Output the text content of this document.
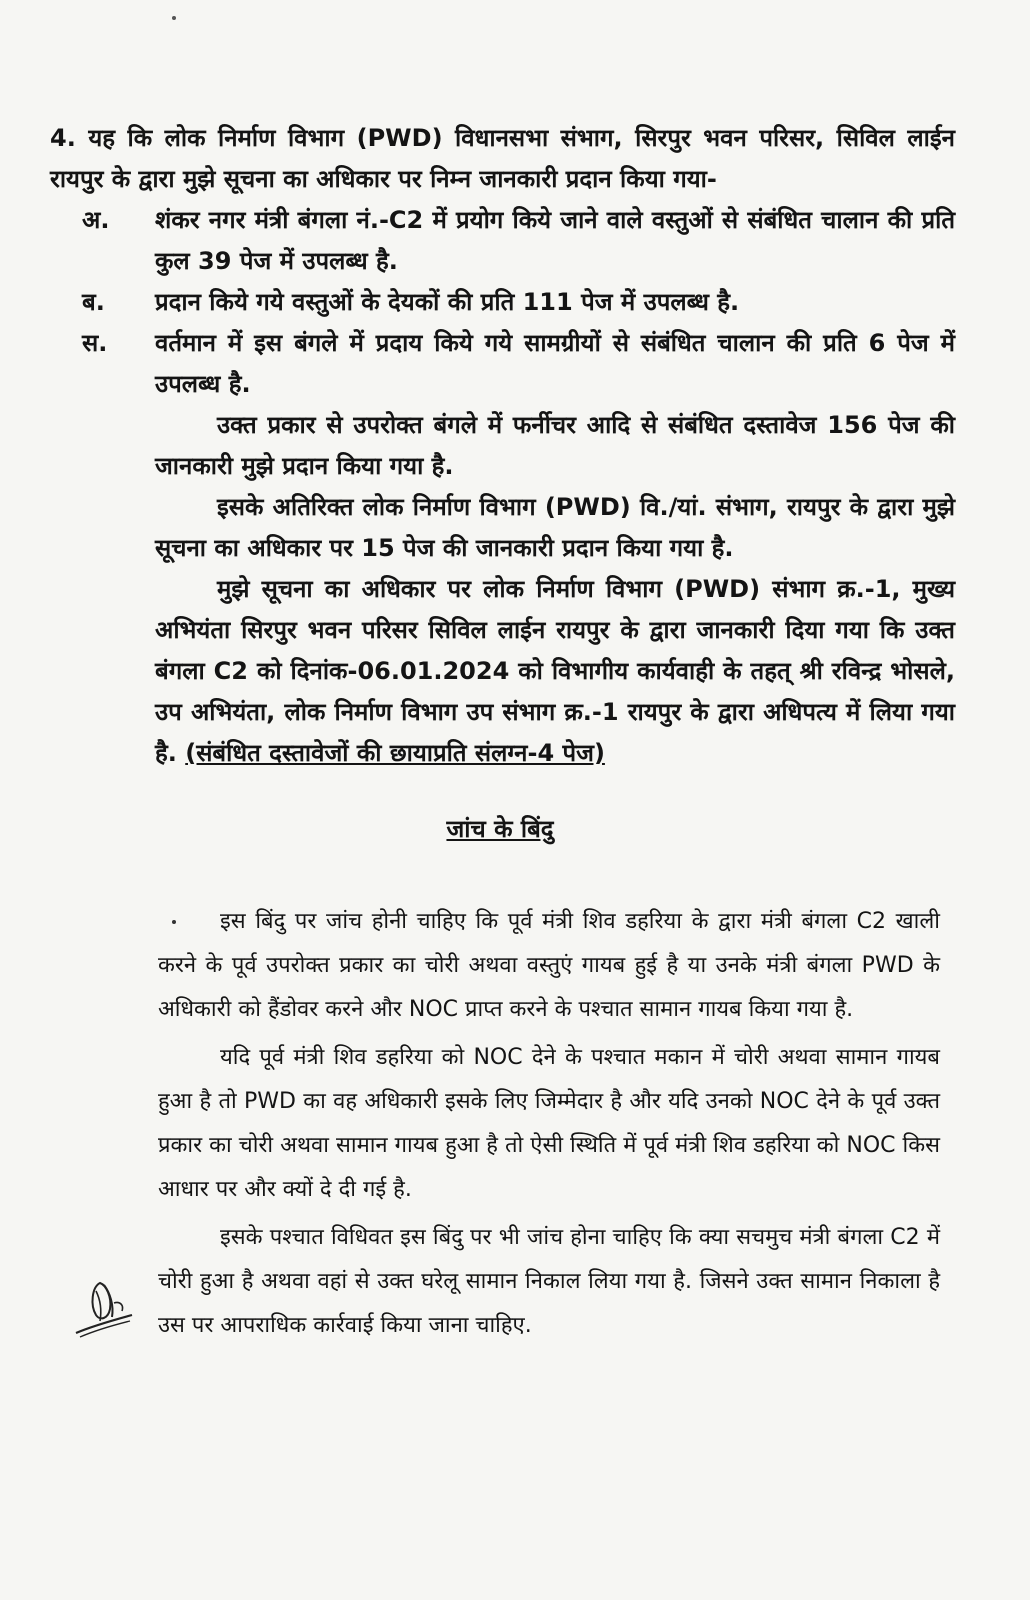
4. यह कि लोक निर्माण विभाग (PWD) विधानसभा संभाग, सिरपुर भवन परिसर, सिविल लाईन रायपुर के द्वारा मुझे सूचना का अधिकार पर निम्न जानकारी प्रदान किया गया-

अ. शंकर नगर मंत्री बंगला नं.-C2 में प्रयोग किये जाने वाले वस्तुओं से संबंधित चालान की प्रति कुल 39 पेज में उपलब्ध है.

ब. प्रदान किये गये वस्तुओं के देयकों की प्रति 111 पेज में उपलब्ध है.

स. वर्तमान में इस बंगले में प्रदाय किये गये सामग्रीयों से संबंधित चालान की प्रति 6 पेज में उपलब्ध है.

उक्त प्रकार से उपरोक्त बंगले में फर्नीचर आदि से संबंधित दस्तावेज 156 पेज की जानकारी मुझे प्रदान किया गया है.

इसके अतिरिक्त लोक निर्माण विभाग (PWD) वि./यां. संभाग, रायपुर के द्वारा मुझे सूचना का अधिकार पर 15 पेज की जानकारी प्रदान किया गया है.

मुझे सूचना का अधिकार पर लोक निर्माण विभाग (PWD) संभाग क्र.-1, मुख्य अभियंता सिरपुर भवन परिसर सिविल लाईन रायपुर के द्वारा जानकारी दिया गया कि उक्त बंगला C2 को दिनांक-06.01.2024 को विभागीय कार्यवाही के तहत् श्री रविन्द्र भोसले, उप अभियंता, लोक निर्माण विभाग उप संभाग क्र.-1 रायपुर के द्वारा अधिपत्य में लिया गया है. (संबंधित दस्तावेजों की छायाप्रति संलग्न-4 पेज)

जांच के बिंदु

इस बिंदु पर जांच होनी चाहिए कि पूर्व मंत्री शिव डहरिया के द्वारा मंत्री बंगला C2 खाली करने के पूर्व उपरोक्त प्रकार का चोरी अथवा वस्तुएं गायब हुई है या उनके मंत्री बंगला PWD के अधिकारी को हैंडोवर करने और NOC प्राप्त करने के पश्चात सामान गायब किया गया है.

यदि पूर्व मंत्री शिव डहरिया को NOC देने के पश्चात मकान में चोरी अथवा सामान गायब हुआ है तो PWD का वह अधिकारी इसके लिए जिम्मेदार है और यदि उनको NOC देने के पूर्व उक्त प्रकार का चोरी अथवा सामान गायब हुआ है तो ऐसी स्थिति में पूर्व मंत्री शिव डहरिया को NOC किस आधार पर और क्यों दे दी गई है.

इसके पश्चात विधिवत इस बिंदु पर भी जांच होना चाहिए कि क्या सचमुच मंत्री बंगला C2 में चोरी हुआ है अथवा वहां से उक्त घरेलू सामान निकाल लिया गया है. जिसने उक्त सामान निकाला है उस पर आपराधिक कार्रवाई किया जाना चाहिए.
